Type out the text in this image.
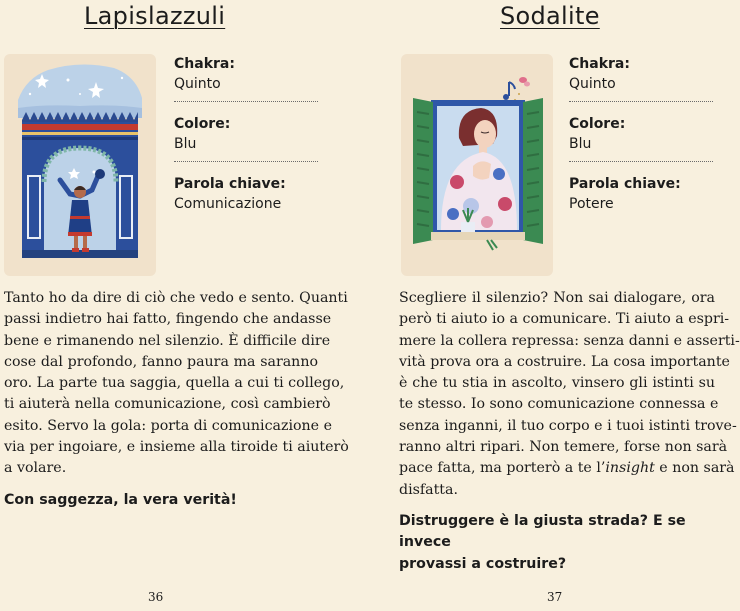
Lapislazzuli

Chakra:

Quinto

Colore:

Blu

Parola chiave:

Comunicazione

Tanto ho da dire di ciò che vedo e sento. Quanti
passi indietro hai fatto, fingendo che andasse
bene e rimanendo nel silenzio. È difficile dire
cose dal profondo, fanno paura ma saranno
oro. La parte tua saggia, quella a cui ti collego,
ti aiuterà nella comunicazione, così cambierò
esito. Servo la gola: porta di comunicazione e
via per ingoiare, e insieme alla tiroide ti aiuterò
a volare.

Con saggezza, la vera verità!

36
Sodalite

Chakra:

Quinto

Colore:

Blu

Parola chiave:

Potere

Scegliere il silenzio? Non sai dialogare, ora
però ti aiuto io a comunicare. Ti aiuto a espri-
mere la collera repressa: senza danni e asserti-
vità prova ora a costruire. La cosa importante
è che tu stia in ascolto, vinsero gli istinti su
te stesso. Io sono comunicazione connessa e
senza inganni, il tuo corpo e i tuoi istinti trove-
ranno altri ripari. Non temere, forse non sarà
pace fatta, ma porterò a te l’insight e non sarà
disfatta.

Distruggere è la giusta strada? E se invece
provassi a costruire?

37
